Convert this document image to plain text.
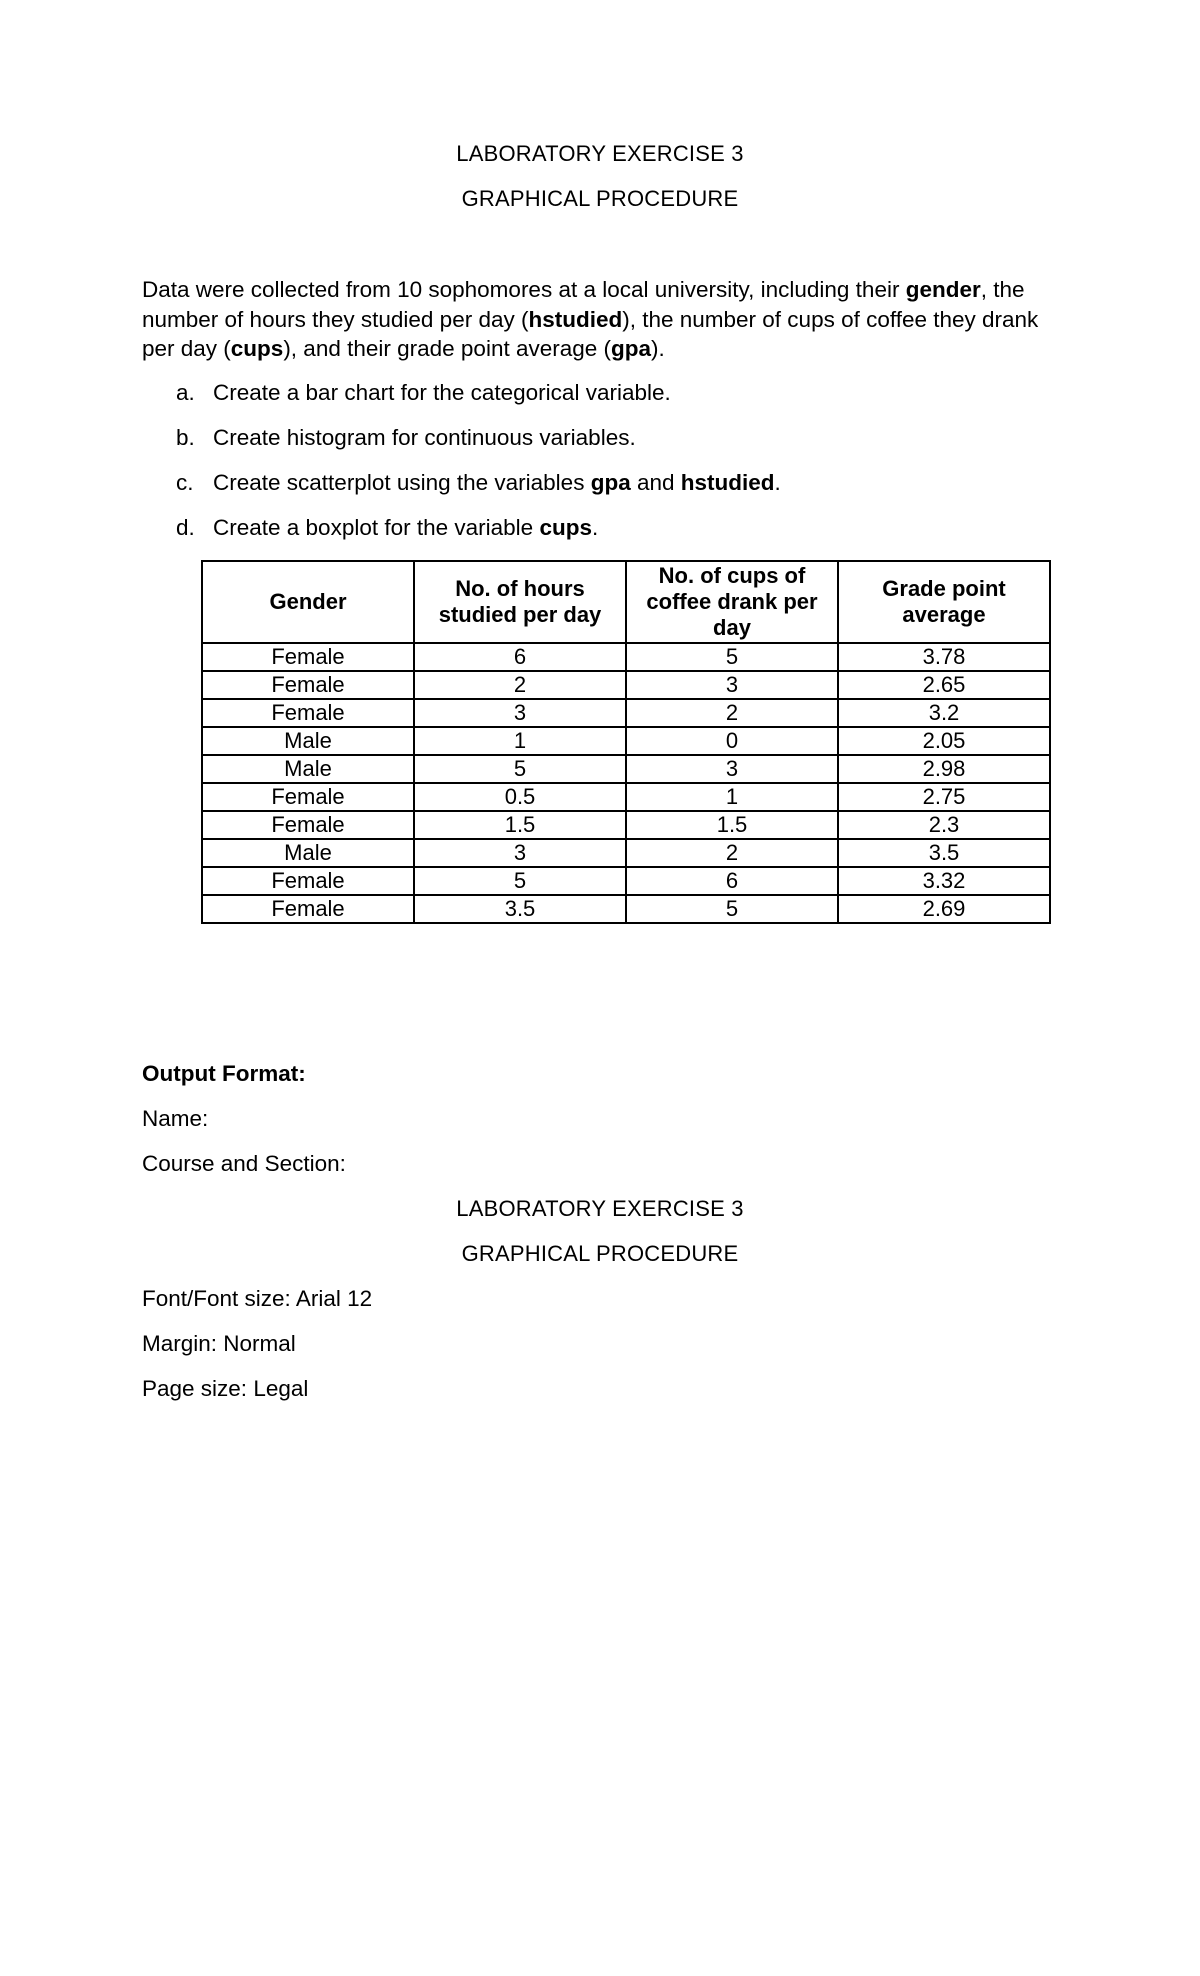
LABORATORY EXERCISE 3
GRAPHICAL PROCEDURE
Data were collected from 10 sophomores at a local university, including their gender, the number of hours they studied per day (hstudied), the number of cups of coffee they drank per day (cups), and their grade point average (gpa).
a. Create a bar chart for the categorical variable.
b. Create histogram for continuous variables.
c. Create scatterplot using the variables gpa and hstudied.
d. Create a boxplot for the variable cups.
Gender	No. of hours studied per day	No. of cups of coffee drank per day	Grade point average
Female	6	5	3.78
Female	2	3	2.65
Female	3	2	3.2
Male	1	0	2.05
Male	5	3	2.98
Female	0.5	1	2.75
Female	1.5	1.5	2.3
Male	3	2	3.5
Female	5	6	3.32
Female	3.5	5	2.69
Output Format:
Name:
Course and Section:
LABORATORY EXERCISE 3
GRAPHICAL PROCEDURE
Font/Font size: Arial 12
Margin: Normal
Page size: Legal
